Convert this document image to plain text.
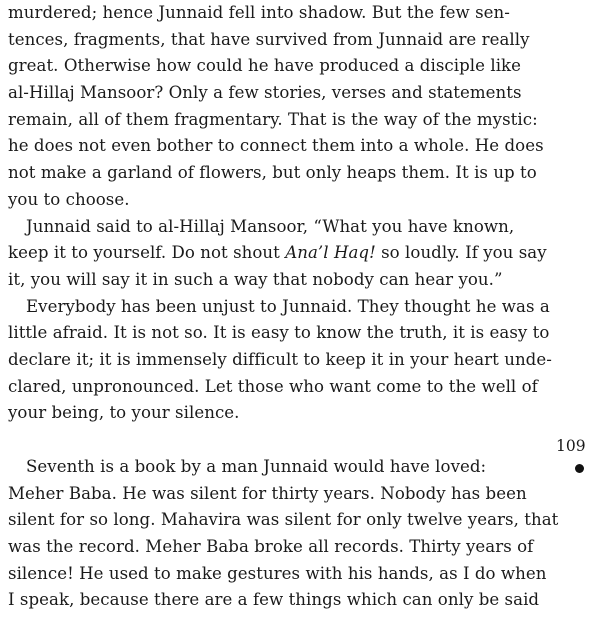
murdered; hence Junnaid fell into shadow. But the few sen-
tences, fragments, that have survived from Junnaid are really
great. Otherwise how could he have produced a disciple like
al-Hillaj Mansoor? Only a few stories, verses and statements
remain, all of them fragmentary. That is the way of the mystic:
he does not even bother to connect them into a whole. He does
not make a garland of flowers, but only heaps them. It is up to
you to choose.
Junnaid said to al-Hillaj Mansoor, “What you have known,
keep it to yourself. Do not shout Ana’l Haq! so loudly. If you say
it, you will say it in such a way that nobody can hear you.”
Everybody has been unjust to Junnaid. They thought he was a
little afraid. It is not so. It is easy to know the truth, it is easy to
declare it; it is immensely difficult to keep it in your heart unde-
clared, unpronounced. Let those who want come to the well of
your being, to your silence.
Seventh is a book by a man Junnaid would have loved:
Meher Baba. He was silent for thirty years. Nobody has been
silent for so long. Mahavira was silent for only twelve years, that
was the record. Meher Baba broke all records. Thirty years of
silence! He used to make gestures with his hands, as I do when
I speak, because there are a few things which can only be said
109
